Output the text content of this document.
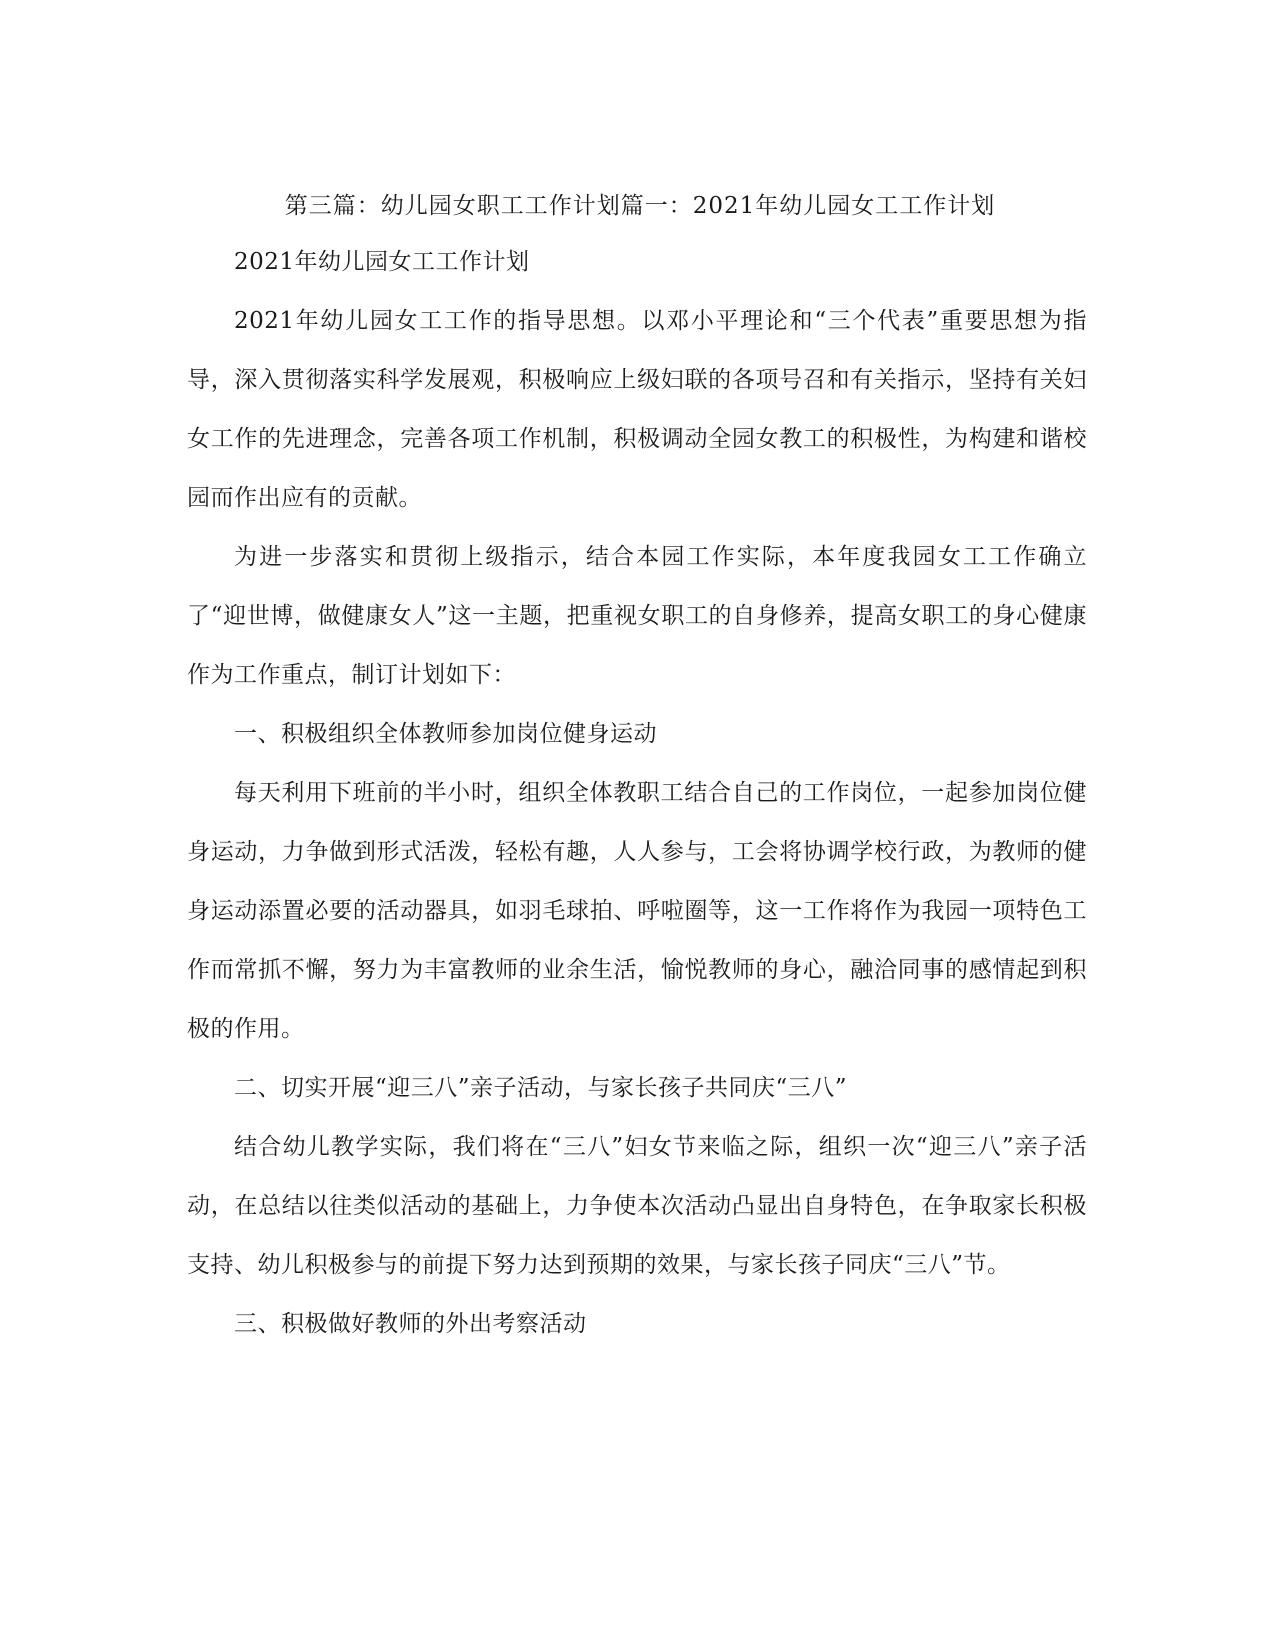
第三篇：幼儿园女职工工作计划篇一：2021年幼儿园女工工作计划

2021年幼儿园女工工作计划

2021年幼儿园女工工作的指导思想。以邓小平理论和“三个代表”重要思想为指导，深入贯彻落实科学发展观，积极响应上级妇联的各项号召和有关指示，坚持有关妇女工作的先进理念，完善各项工作机制，积极调动全园女教工的积极性，为构建和谐校园而作出应有的贡献。

为进一步落实和贯彻上级指示，结合本园工作实际，本年度我园女工工作确立了“迎世博，做健康女人”这一主题，把重视女职工的自身修养，提高女职工的身心健康作为工作重点，制订计划如下：

一、积极组织全体教师参加岗位健身运动

每天利用下班前的半小时，组织全体教职工结合自己的工作岗位，一起参加岗位健身运动，力争做到形式活泼，轻松有趣，人人参与，工会将协调学校行政，为教师的健身运动添置必要的活动器具，如羽毛球拍、呼啦圈等，这一工作将作为我园一项特色工作而常抓不懈，努力为丰富教师的业余生活，愉悦教师的身心，融洽同事的感情起到积极的作用。

二、切实开展“迎三八”亲子活动，与家长孩子共同庆“三八”

结合幼儿教学实际，我们将在“三八”妇女节来临之际，组织一次“迎三八”亲子活动，在总结以往类似活动的基础上，力争使本次活动凸显出自身特色，在争取家长积极支持、幼儿积极参与的前提下努力达到预期的效果，与家长孩子同庆“三八”节。

三、积极做好教师的外出考察活动
